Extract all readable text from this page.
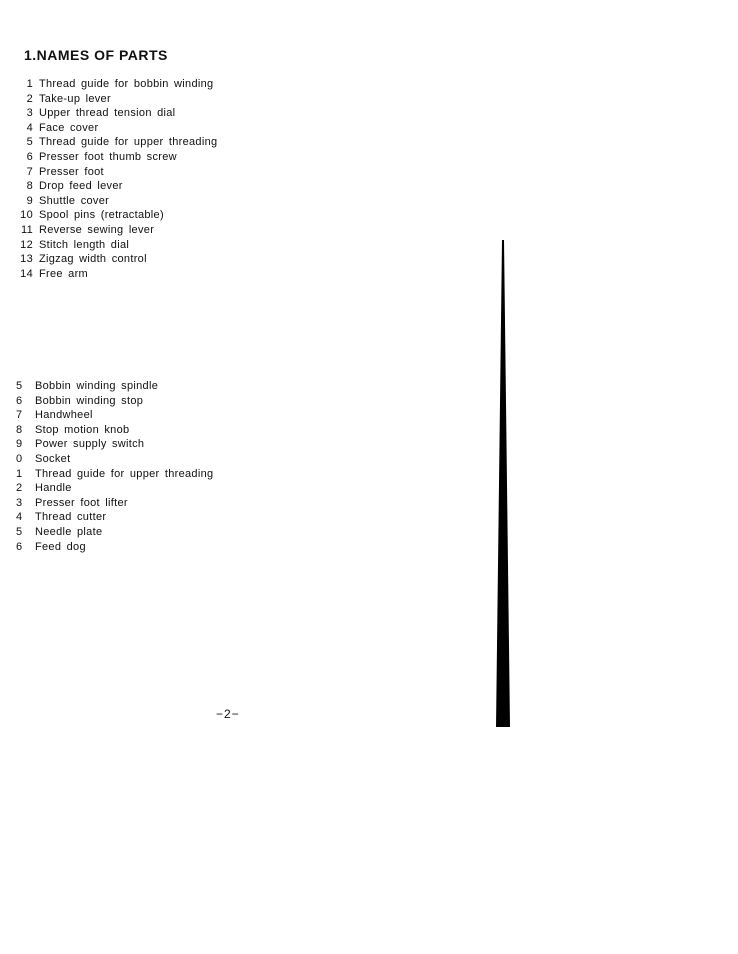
1.NAMES OF PARTS
1 Thread guide for bobbin winding
2 Take-up lever
3 Upper thread tension dial
4 Face cover
5 Thread guide for upper threading
6 Presser foot thumb screw
7 Presser foot
8 Drop feed lever
9 Shuttle cover
10 Spool pins (retractable)
11 Reverse sewing lever
12 Stitch length dial
13 Zigzag width control
14 Free arm
5 Bobbin winding spindle
6 Bobbin winding stop
7 Handwheel
8 Stop motion knob
9 Power supply switch
0 Socket
1 Thread guide for upper threading
2 Handle
3 Presser foot lifter
4 Thread cutter
5 Needle plate
6 Feed dog
−2−
